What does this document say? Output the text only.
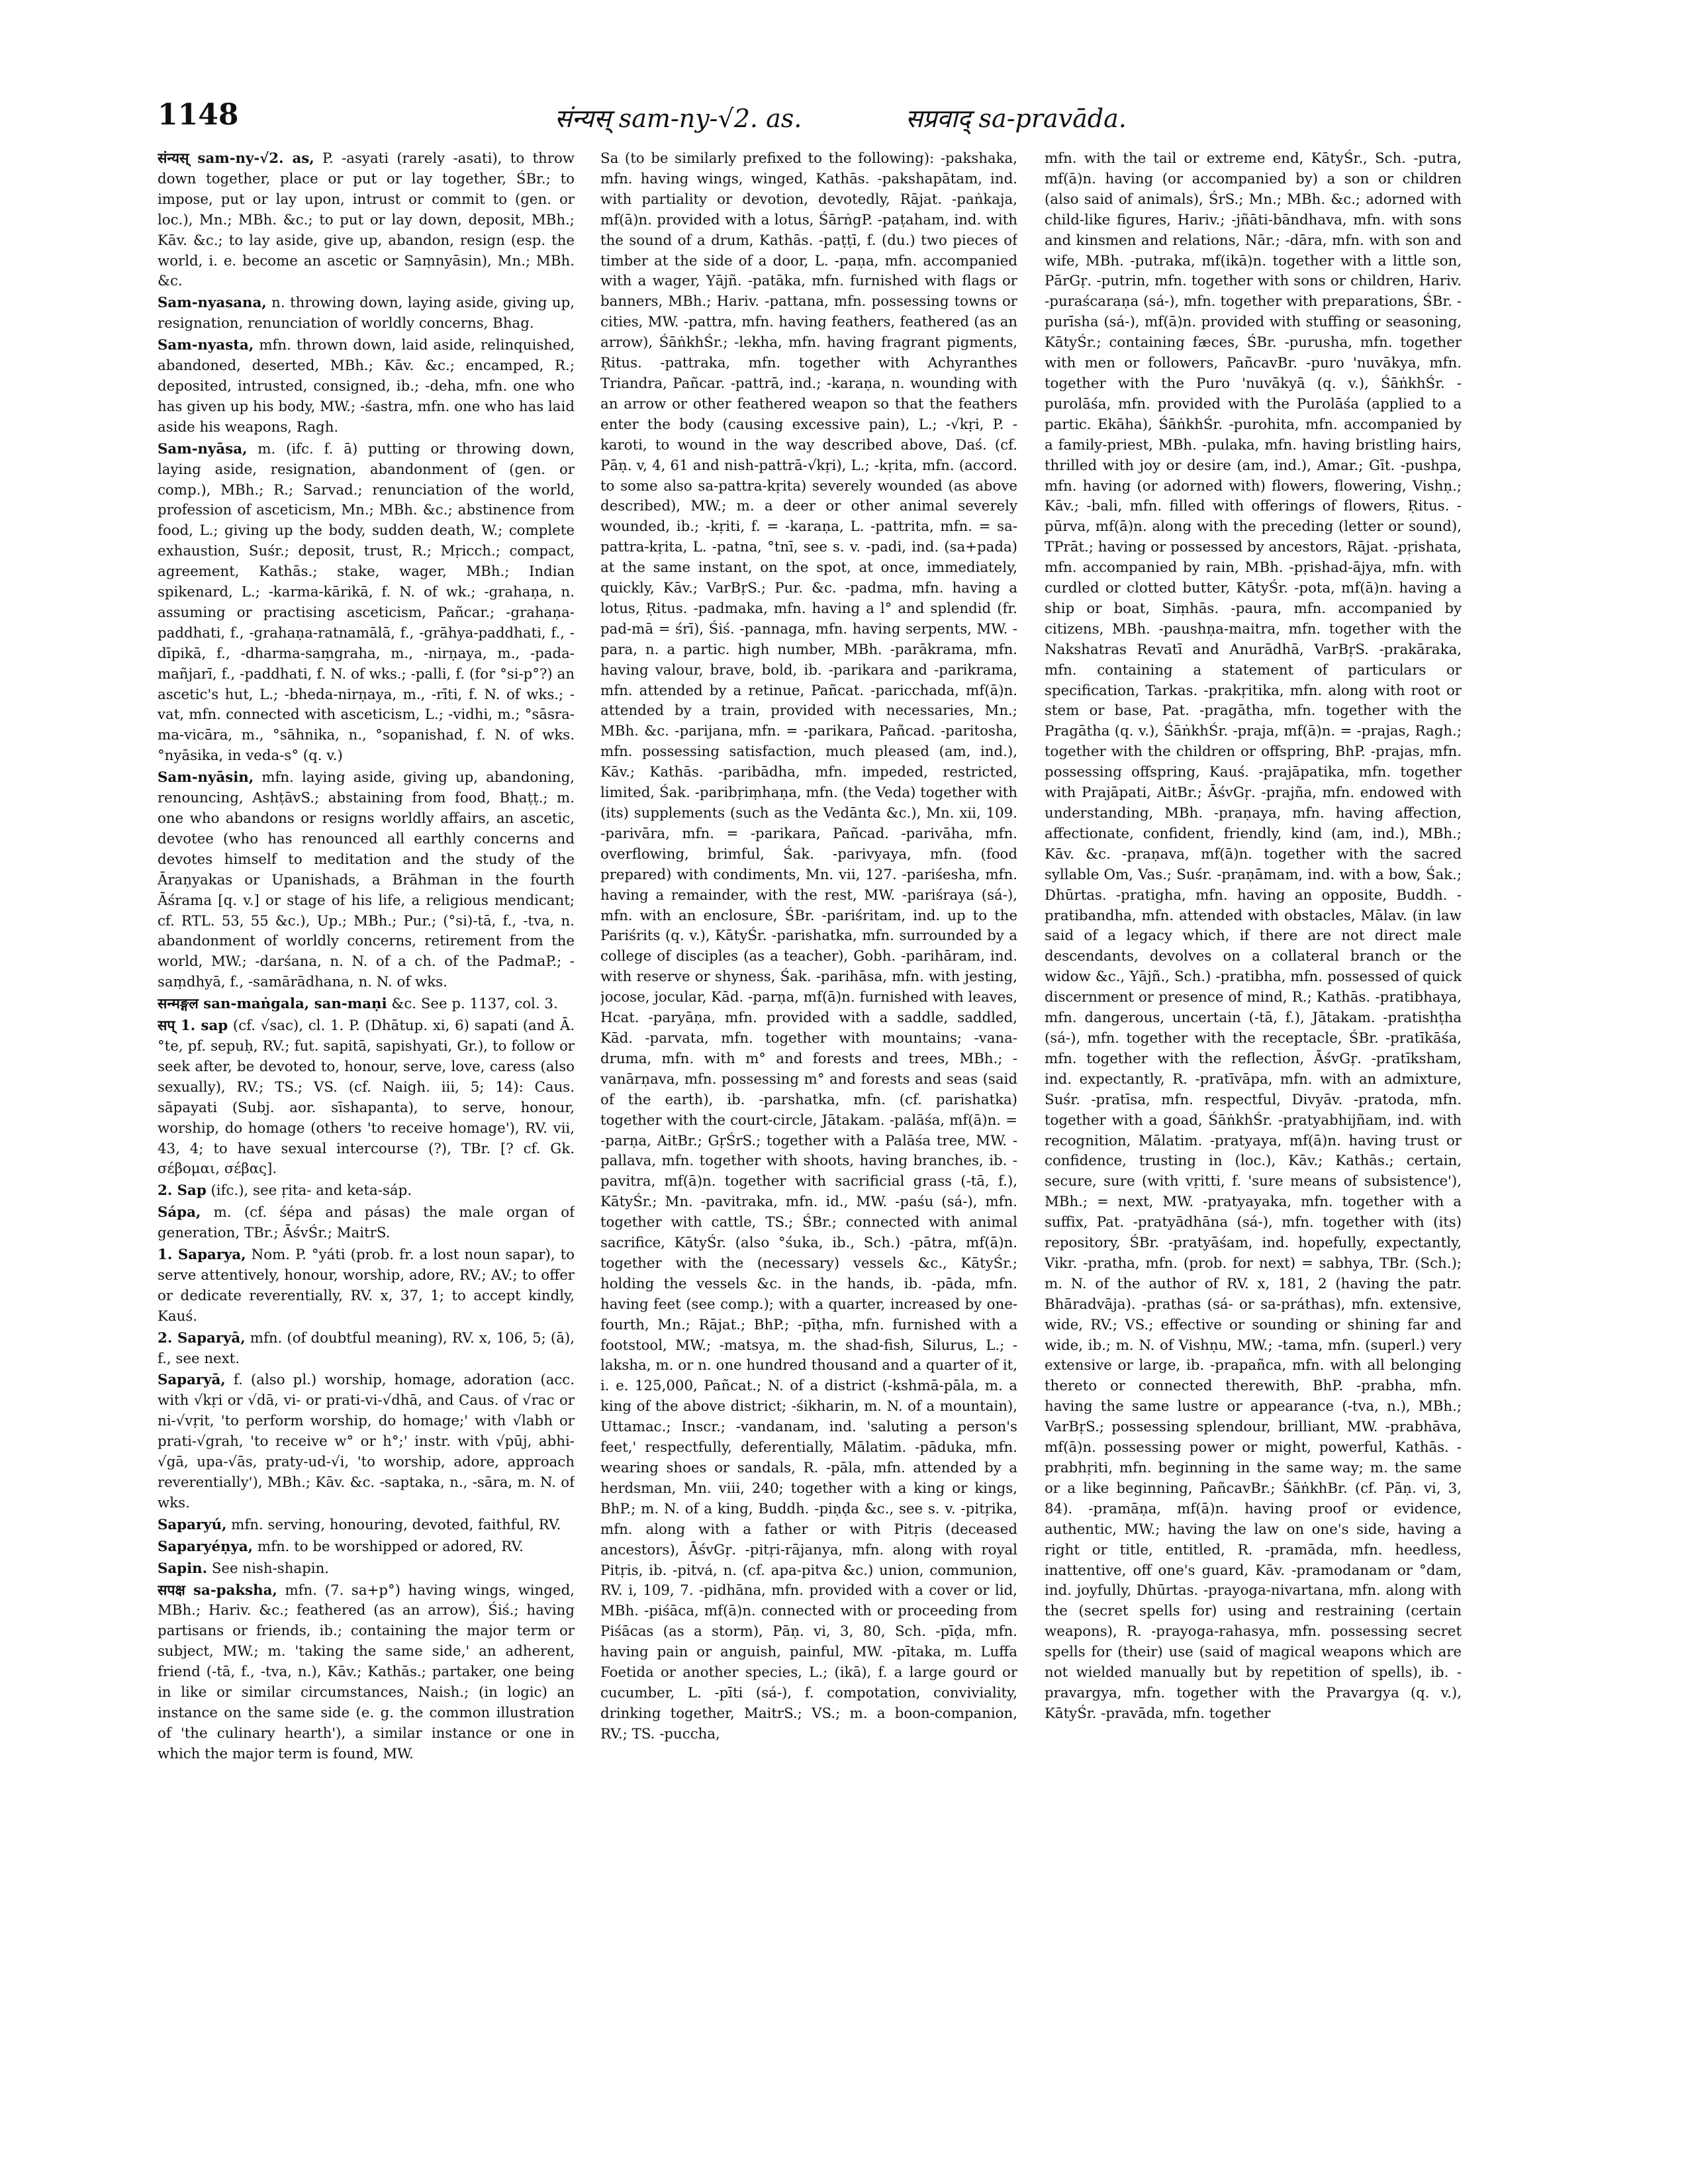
1148	संन्यस् sam-ny-√2. as.	सप्रवाद् sa-pravāda.

संन्यस् sam-ny-√2. as, P. -asyati (rarely -asati), to throw down together, place or put or lay together, ŚBr.; to impose, put or lay upon, intrust or commit to (gen. or loc.), Mn.; MBh. &c.; to put or lay down, deposit, MBh.; Kāv. &c.; to lay aside, give up, abandon, resign (esp. the world, i. e. become an ascetic or Saṃnyāsin), Mn.; MBh. &c.

Sam-nyasana, n. throwing down, laying aside, giving up, resignation, renunciation of worldly concerns, Bhag.

Sam-nyasta, mfn. thrown down, laid aside, relinquished, abandoned, deserted, MBh.; Kāv. &c.; encamped, R.; deposited, intrusted, consigned, ib.; -deha, mfn. one who has given up his body, MW.; -śastra, mfn. one who has laid aside his weapons, Ragh.

Sam-nyāsa, m. (ifc. f. ā) putting or throwing down, laying aside, resignation, abandonment of (gen. or comp.), MBh.; R.; Sarvad.; renunciation of the world, profession of asceticism, Mn.; MBh. &c.; abstinence from food, L.; giving up the body, sudden death, W.; complete exhaustion, Suśr.; deposit, trust, R.; Mṛicch.; compact, agreement, Kathās.; stake, wager, MBh.; Indian spikenard, L.; -karma-kārikā, f. N. of wk.; -grahaṇa, n. assuming or practising asceticism, Pañcar.; -grahaṇa-paddhati, f., -grahaṇa-ratnamālā, f., -grāhya-paddhati, f., -dīpikā, f., -dharma-saṃgraha, m., -nirṇaya, m., -pada-mañjarī, f., -paddhati, f. N. of wks.; -palli, f. (for °si-p°?) an ascetic's hut, L.; -bheda-nirṇaya, m., -rīti, f. N. of wks.; -vat, mfn. connected with asceticism, L.; -vidhi, m.; °sāsra-ma-vicāra, m., °sāhnika, n., °sopanishad, f. N. of wks. °nyāsika, in veda-s° (q. v.)

Sam-nyāsin, mfn. laying aside, giving up, abandoning, renouncing, AshṭāvS.; abstaining from food, Bhaṭṭ.; m. one who abandons or resigns worldly affairs, an ascetic, devotee (who has renounced all earthly concerns and devotes himself to meditation and the study of the Āraṇyakas or Upanishads, a Brāhman in the fourth Āśrama [q. v.] or stage of his life, a religious mendicant; cf. RTL. 53, 55 &c.), Up.; MBh.; Pur.; (°si)-tā, f., -tva, n. abandonment of worldly concerns, retirement from the world, MW.; -darśana, n. N. of a ch. of the PadmaP.; -saṃdhyā, f., -samārādhana, n. N. of wks.

सन्मङ्गल san-maṅgala, san-maṇi &c. See p. 1137, col. 3.

सप् 1. sap (cf. √sac), cl. 1. P. (Dhātup. xi, 6) sapati (and Ā. °te, pf. sepuḥ, RV.; fut. sapitā, sapishyati, Gr.), to follow or seek after, be devoted to, honour, serve, love, caress (also sexually), RV.; TS.; VS. (cf. Naigh. iii, 5; 14): Caus. sāpayati (Subj. aor. sīshapanta), to serve, honour, worship, do homage (others 'to receive homage'), RV. vii, 43, 4; to have sexual intercourse (?), TBr. [? cf. Gk. σέβομαι, σέβας].

2. Sap (ifc.), see ṛita- and keta-sáp.

Sápa, m. (cf. śépa and pásas) the male organ of generation, TBr.; ĀśvŚr.; MaitrS.

1. Saparya, Nom. P. °yáti (prob. fr. a lost noun sapar), to serve attentively, honour, worship, adore, RV.; AV.; to offer or dedicate reverentially, RV. x, 37, 1; to accept kindly, Kauś.

2. Saparyā, mfn. (of doubtful meaning), RV. x, 106, 5; (ā), f., see next.

Saparyā, f. (also pl.) worship, homage, adoration (acc. with √kṛi or √dā, vi- or prati-vi-√dhā, and Caus. of √rac or ni-√vṛit, 'to perform worship, do homage;' with √labh or prati-√grah, 'to receive w° or h°;' instr. with √pūj, abhi-√gā, upa-√ās, praty-ud-√i, 'to worship, adore, approach reverentially'), MBh.; Kāv. &c. -saptaka, n., -sāra, m. N. of wks.

Saparyú, mfn. serving, honouring, devoted, faithful, RV.

Saparyéṇya, mfn. to be worshipped or adored, RV.

Sapin. See nish-shapin.

सपक्ष sa-paksha, mfn. (7. sa+p°) having wings, winged, MBh.; Hariv. &c.; feathered (as an arrow), Śiś.; having partisans or friends, ib.; containing the major term or subject, MW.; m. 'taking the same side,' an adherent, friend (-tā, f., -tva, n.), Kāv.; Kathās.; partaker, one being in like or similar circumstances, Naish.; (in logic) an instance on the same side (e. g. the common illustration of 'the culinary hearth'), a similar instance or one in which the major term is found, MW.

Sa (to be similarly prefixed to the following): -pakshaka, mfn. having wings, winged, Kathās. -pakshapātam, ind. with partiality or devotion, devotedly, Rājat. -paṅkaja, mf(ā)n. provided with a lotus, ŚārṅgP. -paṭaham, ind. with the sound of a drum, Kathās. -paṭṭī, f. (du.) two pieces of timber at the side of a door, L. -paṇa, mfn. accompanied with a wager, Yājñ. -patāka, mfn. furnished with flags or banners, MBh.; Hariv. -pattana, mfn. possessing towns or cities, MW. -pattra, mfn. having feathers, feathered (as an arrow), ŚāṅkhŚr.; -lekha, mfn. having fragrant pigments, Ṛitus. -pattraka, mfn. together with Achyranthes Triandra, Pañcar. -pattrā, ind.; -karaṇa, n. wounding with an arrow or other feathered weapon so that the feathers enter the body (causing excessive pain), L.; -√kṛi, P. -karoti, to wound in the way described above, Daś. (cf. Pāṇ. v, 4, 61 and nish-pattrā-√kṛi), L.; -kṛita, mfn. (accord. to some also sa-pattra-kṛita) severely wounded (as above described), MW.; m. a deer or other animal severely wounded, ib.; -kṛiti, f. = -karaṇa, L. -pattrita, mfn. = sa-pattra-kṛita, L. -patna, °tnī, see s. v. -padi, ind. (sa+pada) at the same instant, on the spot, at once, immediately, quickly, Kāv.; VarBṛS.; Pur. &c. -padma, mfn. having a lotus, Ṛitus. -padmaka, mfn. having a l° and splendid (fr. pad-mā = śrī), Śiś. -pannaga, mfn. having serpents, MW. -para, n. a partic. high number, MBh. -parākrama, mfn. having valour, brave, bold, ib. -parikara and -parikrama, mfn. attended by a retinue, Pañcat. -paricchada, mf(ā)n. attended by a train, provided with necessaries, Mn.; MBh. &c. -parijana, mfn. = -parikara, Pañcad. -paritosha, mfn. possessing satisfaction, much pleased (am, ind.), Kāv.; Kathās. -paribādha, mfn. impeded, restricted, limited, Śak. -paribṛiṃhaṇa, mfn. (the Veda) together with (its) supplements (such as the Vedānta &c.), Mn. xii, 109. -parivāra, mfn. = -parikara, Pañcad. -parivāha, mfn. overflowing, brimful, Śak. -parivyaya, mfn. (food prepared) with condiments, Mn. vii, 127. -pariśesha, mfn. having a remainder, with the rest, MW. -pariśraya (sá-), mfn. with an enclosure, ŚBr. -pariśritam, ind. up to the Pariśrits (q. v.), KātyŚr. -parishatka, mfn. surrounded by a college of disciples (as a teacher), Gobh. -parihāram, ind. with reserve or shyness, Śak. -parihāsa, mfn. with jesting, jocose, jocular, Kād. -parṇa, mf(ā)n. furnished with leaves, Hcat. -paryāṇa, mfn. provided with a saddle, saddled, Kād. -parvata, mfn. together with mountains; -vana-druma, mfn. with m° and forests and trees, MBh.; -vanārṇava, mfn. possessing m° and forests and seas (said of the earth), ib. -parshatka, mfn. (cf. parishatka) together with the court-circle, Jātakam. -palāśa, mf(ā)n. = -parṇa, AitBr.; GṛŚrS.; together with a Palāśa tree, MW. -pallava, mfn. together with shoots, having branches, ib. -pavitra, mf(ā)n. together with sacrificial grass (-tā, f.), KātyŚr.; Mn. -pavitraka, mfn. id., MW. -paśu (sá-), mfn. together with cattle, TS.; ŚBr.; connected with animal sacrifice, KātyŚr. (also °śuka, ib., Sch.) -pātra, mf(ā)n. together with the (necessary) vessels &c., KātyŚr.; holding the vessels &c. in the hands, ib. -pāda, mfn. having feet (see comp.); with a quarter, increased by one-fourth, Mn.; Rājat.; BhP.; -pīṭha, mfn. furnished with a footstool, MW.; -matsya, m. the shad-fish, Silurus, L.; -laksha, m. or n. one hundred thousand and a quarter of it, i. e. 125,000, Pañcat.; N. of a district (-kshmā-pāla, m. a king of the above district; -śikharin, m. N. of a mountain), Uttamac.; Inscr.; -vandanam, ind. 'saluting a person's feet,' respectfully, deferentially, Mālatim. -pāduka, mfn. wearing shoes or sandals, R. -pāla, mfn. attended by a herdsman, Mn. viii, 240; together with a king or kings, BhP.; m. N. of a king, Buddh. -piṇḍa &c., see s. v. -pitṛika, mfn. along with a father or with Pitṛis (deceased ancestors), ĀśvGṛ. -pitṛi-rājanya, mfn. along with royal Pitṛis, ib. -pitvá, n. (cf. apa-pitva &c.) union, communion, RV. i, 109, 7. -pidhāna, mfn. provided with a cover or lid, MBh. -piśāca, mf(ā)n. connected with or proceeding from Piśācas (as a storm), Pāṇ. vi, 3, 80, Sch. -pīḍa, mfn. having pain or anguish, painful, MW. -pītaka, m. Luffa Foetida or another species, L.; (ikā), f. a large gourd or cucumber, L. -pīti (sá-), f. compotation, conviviality, drinking together, MaitrS.; VS.; m. a boon-companion, RV.; TS. -puccha,

mfn. with the tail or extreme end, KātyŚr., Sch. -putra, mf(ā)n. having (or accompanied by) a son or children (also said of animals), ŚrS.; Mn.; MBh. &c.; adorned with child-like figures, Hariv.; -jñāti-bāndhava, mfn. with sons and kinsmen and relations, Nār.; -dāra, mfn. with son and wife, MBh. -putraka, mf(ikā)n. together with a little son, PārGṛ. -putrin, mfn. together with sons or children, Hariv. -puraścaraṇa (sá-), mfn. together with preparations, ŚBr. -purīsha (sá-), mf(ā)n. provided with stuffing or seasoning, KātyŚr.; containing fæces, ŚBr. -purusha, mfn. together with men or followers, PañcavBr. -puro 'nuvākya, mfn. together with the Puro 'nuvākyā (q. v.), ŚāṅkhŚr. -purolāśa, mfn. provided with the Purolāśa (applied to a partic. Ekāha), ŚāṅkhŚr. -purohita, mfn. accompanied by a family-priest, MBh. -pulaka, mfn. having bristling hairs, thrilled with joy or desire (am, ind.), Amar.; Gīt. -pushpa, mfn. having (or adorned with) flowers, flowering, Vishṇ.; Kāv.; -bali, mfn. filled with offerings of flowers, Ṛitus. -pūrva, mf(ā)n. along with the preceding (letter or sound), TPrāt.; having or possessed by ancestors, Rājat. -pṛishata, mfn. accompanied by rain, MBh. -pṛishad-ājya, mfn. with curdled or clotted butter, KātyŚr. -pota, mf(ā)n. having a ship or boat, Siṃhās. -paura, mfn. accompanied by citizens, MBh. -paushṇa-maitra, mfn. together with the Nakshatras Revatī and Anurādhā, VarBṛS. -prakāraka, mfn. containing a statement of particulars or specification, Tarkas. -prakṛitika, mfn. along with root or stem or base, Pat. -pragātha, mfn. together with the Pragātha (q. v.), ŚāṅkhŚr. -praja, mf(ā)n. = -prajas, Ragh.; together with the children or offspring, BhP. -prajas, mfn. possessing offspring, Kauś. -prajāpatika, mfn. together with Prajāpati, AitBr.; ĀśvGṛ. -prajña, mfn. endowed with understanding, MBh. -praṇaya, mfn. having affection, affectionate, confident, friendly, kind (am, ind.), MBh.; Kāv. &c. -praṇava, mf(ā)n. together with the sacred syllable Om, Vas.; Suśr. -praṇāmam, ind. with a bow, Śak.; Dhūrtas. -pratigha, mfn. having an opposite, Buddh. -pratibandha, mfn. attended with obstacles, Mālav. (in law said of a legacy which, if there are not direct male descendants, devolves on a collateral branch or the widow &c., Yājñ., Sch.) -pratibha, mfn. possessed of quick discernment or presence of mind, R.; Kathās. -pratibhaya, mfn. dangerous, uncertain (-tā, f.), Jātakam. -pratishṭha (sá-), mfn. together with the receptacle, ŚBr. -pratīkāśa, mfn. together with the reflection, ĀśvGṛ. -pratīksham, ind. expectantly, R. -pratīvāpa, mfn. with an admixture, Suśr. -pratīsa, mfn. respectful, Divyāv. -pratoda, mfn. together with a goad, ŚāṅkhŚr. -pratyabhijñam, ind. with recognition, Mālatim. -pratyaya, mf(ā)n. having trust or confidence, trusting in (loc.), Kāv.; Kathās.; certain, secure, sure (with vṛitti, f. 'sure means of subsistence'), MBh.; = next, MW. -pratyayaka, mfn. together with a suffix, Pat. -pratyādhāna (sá-), mfn. together with (its) repository, ŚBr. -pratyāśam, ind. hopefully, expectantly, Vikr. -pratha, mfn. (prob. for next) = sabhya, TBr. (Sch.); m. N. of the author of RV. x, 181, 2 (having the patr. Bhāradvāja). -prathas (sá- or sa-práthas), mfn. extensive, wide, RV.; VS.; effective or sounding or shining far and wide, ib.; m. N. of Vishṇu, MW.; -tama, mfn. (superl.) very extensive or large, ib. -prapañca, mfn. with all belonging thereto or connected therewith, BhP. -prabha, mfn. having the same lustre or appearance (-tva, n.), MBh.; VarBṛS.; possessing splendour, brilliant, MW. -prabhāva, mf(ā)n. possessing power or might, powerful, Kathās. -prabhṛiti, mfn. beginning in the same way; m. the same or a like beginning, PañcavBr.; ŚāṅkhBr. (cf. Pāṇ. vi, 3, 84). -pramāṇa, mf(ā)n. having proof or evidence, authentic, MW.; having the law on one's side, having a right or title, entitled, R. -pramāda, mfn. heedless, inattentive, off one's guard, Kāv. -pramodanam or °dam, ind. joyfully, Dhūrtas. -prayoga-nivartana, mfn. along with the (secret spells for) using and restraining (certain weapons), R. -prayoga-rahasya, mfn. possessing secret spells for (their) use (said of magical weapons which are not wielded manually but by repetition of spells), ib. -pravargya, mfn. together with the Pravargya (q. v.), KātyŚr. -pravāda, mfn. together
